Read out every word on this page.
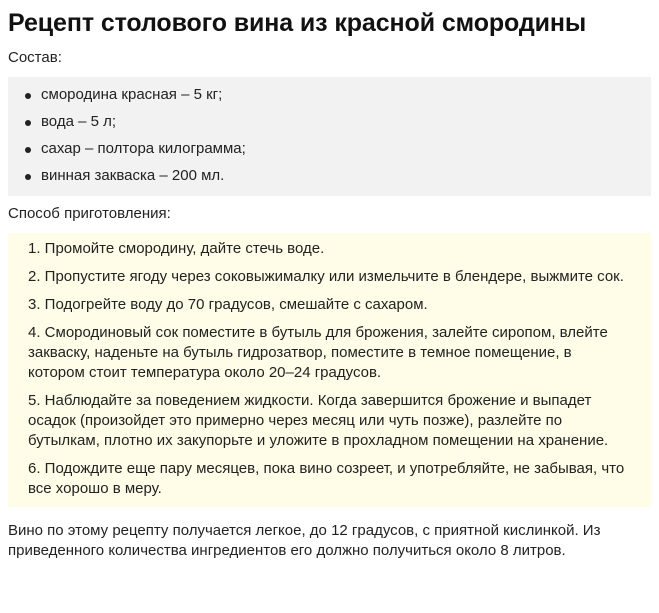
Рецепт столового вина из красной смородины

Состав:

смородина красная – 5 кг;
вода – 5 л;
сахар – полтора килограмма;
винная закваска – 200 мл.

Способ приготовления:

1. Промойте смородину, дайте стечь воде.
2. Пропустите ягоду через соковыжималку или измельчите в блендере, выжмите сок.
3. Подогрейте воду до 70 градусов, смешайте с сахаром.
4. Смородиновый сок поместите в бутыль для брожения, залейте сиропом, влейте закваску, наденьте на бутыль гидрозатвор, поместите в темное помещение, в котором стоит температура около 20–24 градусов.
5. Наблюдайте за поведением жидкости. Когда завершится брожение и выпадет осадок (произойдет это примерно через месяц или чуть позже), разлейте по бутылкам, плотно их закупорьте и уложите в прохладном помещении на хранение.
6. Подождите еще пару месяцев, пока вино созреет, и употребляйте, не забывая, что все хорошо в меру.

Вино по этому рецепту получается легкое, до 12 градусов, с приятной кислинкой. Из приведенного количества ингредиентов его должно получиться около 8 литров.
